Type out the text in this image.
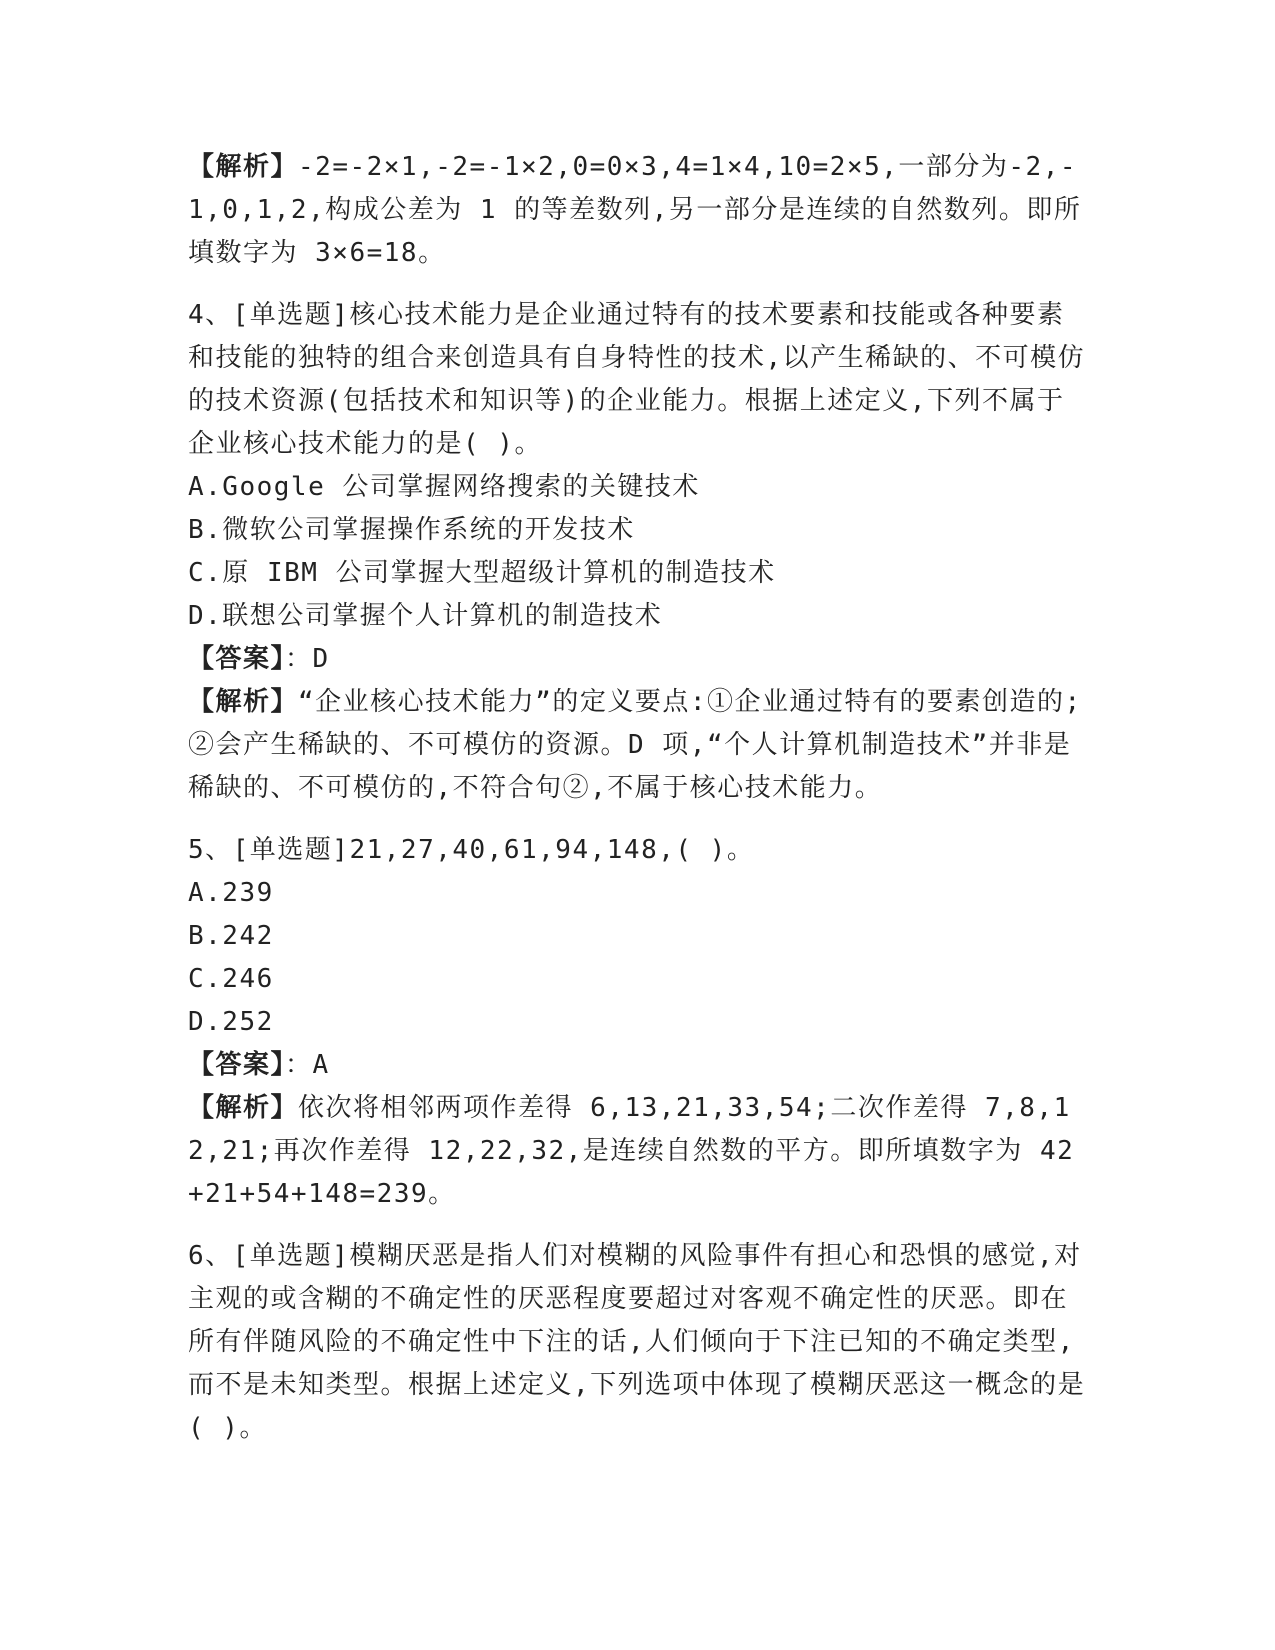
【解析】-2=-2×1,-2=-1×2,0=0×3,4=1×4,10=2×5,一部分为-2,-1,0,1,2,构成公差为 1 的等差数列,另一部分是连续的自然数列。即所填数字为 3×6=18。

4、[单选题]核心技术能力是企业通过特有的技术要素和技能或各种要素和技能的独特的组合来创造具有自身特性的技术,以产生稀缺的、不可模仿的技术资源(包括技术和知识等)的企业能力。根据上述定义,下列不属于企业核心技术能力的是( )。

A.Google 公司掌握网络搜索的关键技术

B.微软公司掌握操作系统的开发技术

C.原 IBM 公司掌握大型超级计算机的制造技术

D.联想公司掌握个人计算机的制造技术

【答案】：D

【解析】“企业核心技术能力”的定义要点:①企业通过特有的要素创造的;②会产生稀缺的、不可模仿的资源。D 项,“个人计算机制造技术”并非是稀缺的、不可模仿的,不符合句②,不属于核心技术能力。

5、[单选题]21,27,40,61,94,148,( )。

A.239

B.242

C.246

D.252

【答案】：A

【解析】依次将相邻两项作差得 6,13,21,33,54;二次作差得 7,8,12,21;再次作差得 12,22,32,是连续自然数的平方。即所填数字为 42+21+54+148=239。

6、[单选题]模糊厌恶是指人们对模糊的风险事件有担心和恐惧的感觉,对主观的或含糊的不确定性的厌恶程度要超过对客观不确定性的厌恶。即在所有伴随风险的不确定性中下注的话,人们倾向于下注已知的不确定类型,而不是未知类型。根据上述定义,下列选项中体现了模糊厌恶这一概念的是( )。
